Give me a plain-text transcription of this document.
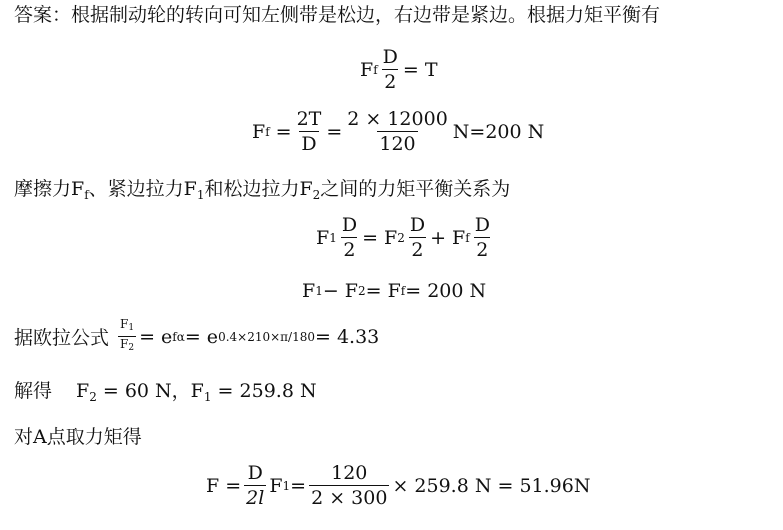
答案：根据制动轮的转向可知左侧带是松边，右边带是紧边。根据力矩平衡有
F f $\frac{D}{2} = T$
F $f = \frac{2T}{D} = \frac{2 \times 12000}{120} N=200$ N
摩擦力$F_f$、紧边拉力$F_1$和松边拉力$F_2$之间的力矩平衡关系为
F $1 \frac{D}{2} = F$ $2 \frac{D}{2} + F$ f $\frac{D}{2}$
F 1 − F 2 = F f = 200 N
据欧拉公式 $\frac{F_1}{F_2} = e$ fα = e 0.4×210×π/180 = 4.33
解得 $F_2 = 60$ N，$F_1 = 259.8$ N
对A点取力矩得
$F = \frac{D}{2l}$ F $1 = \frac{120}{2 \times 300} \times 259.8$ N = 51.96N
